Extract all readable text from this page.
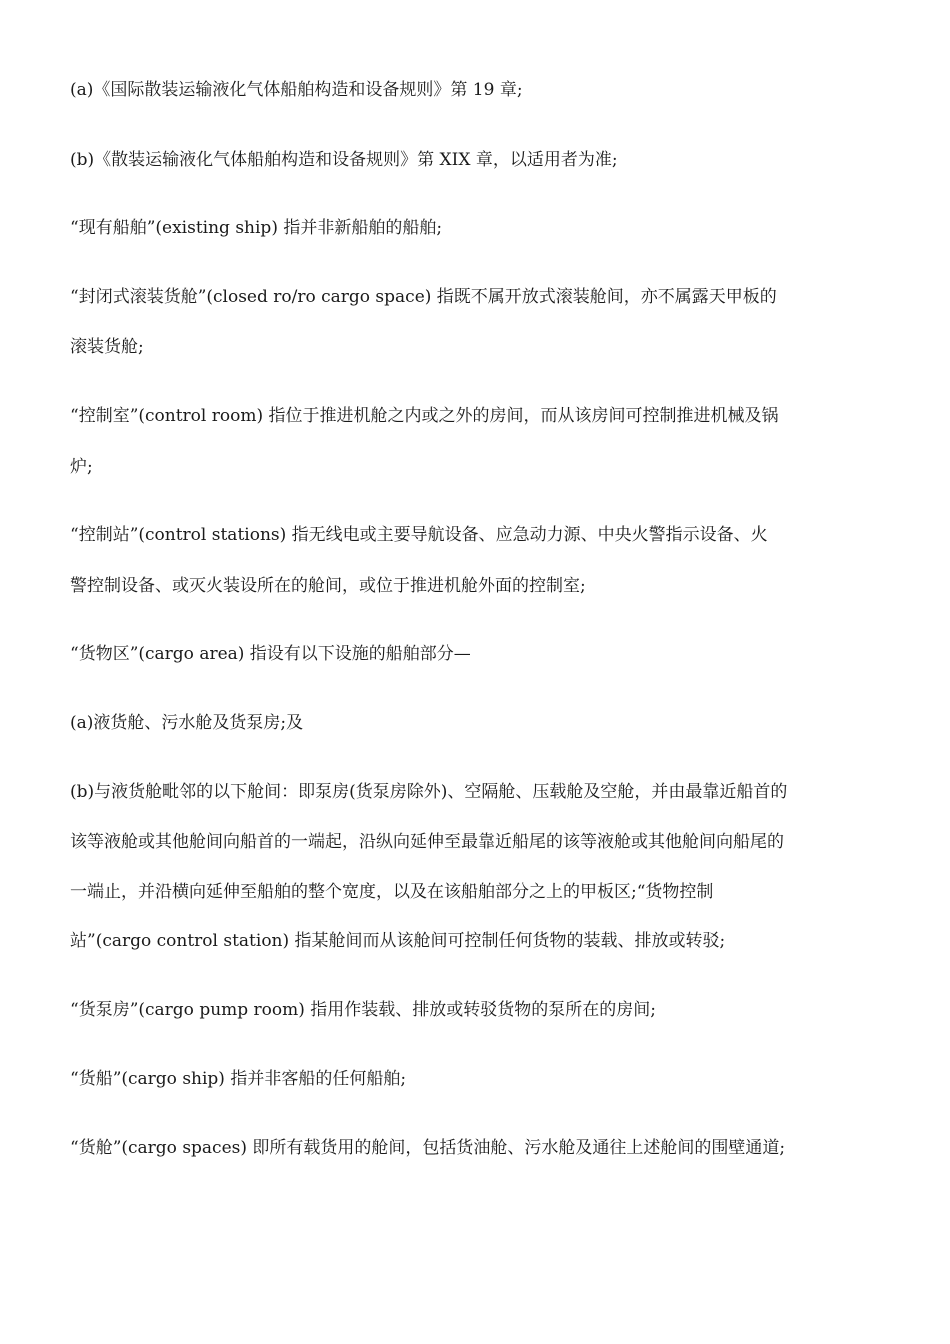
(a)《国际散装运输液化气体船舶构造和设备规则》第 19 章;
(b)《散装运输液化气体船舶构造和设备规则》第 XIX 章，以适用者为准;
“现有船舶”(existing ship) 指并非新船舶的船舶;
“封闭式滚装货舱”(closed ro/ro cargo space) 指既不属开放式滚装舱间，亦不属露天甲板的
滚装货舱;
“控制室”(control room) 指位于推进机舱之内或之外的房间，而从该房间可控制推进机械及锅
炉;
“控制站”(control stations) 指无线电或主要导航设备、应急动力源、中央火警指示设备、火
警控制设备、或灭火装设所在的舱间，或位于推进机舱外面的控制室;
“货物区”(cargo area) 指设有以下设施的船舶部分—
(a)液货舱、污水舱及货泵房;及
(b)与液货舱毗邻的以下舱间：即泵房(货泵房除外)、空隔舱、压载舱及空舱，并由最靠近船首的
该等液舱或其他舱间向船首的一端起，沿纵向延伸至最靠近船尾的该等液舱或其他舱间向船尾的
一端止，并沿横向延伸至船舶的整个宽度，以及在该船舶部分之上的甲板区;“货物控制
站”(cargo control station) 指某舱间而从该舱间可控制任何货物的装载、排放或转驳;
“货泵房”(cargo pump room) 指用作装载、排放或转驳货物的泵所在的房间;
“货船”(cargo ship) 指并非客船的任何船舶;
“货舱”(cargo spaces) 即所有载货用的舱间，包括货油舱、污水舱及通往上述舱间的围壁通道;
